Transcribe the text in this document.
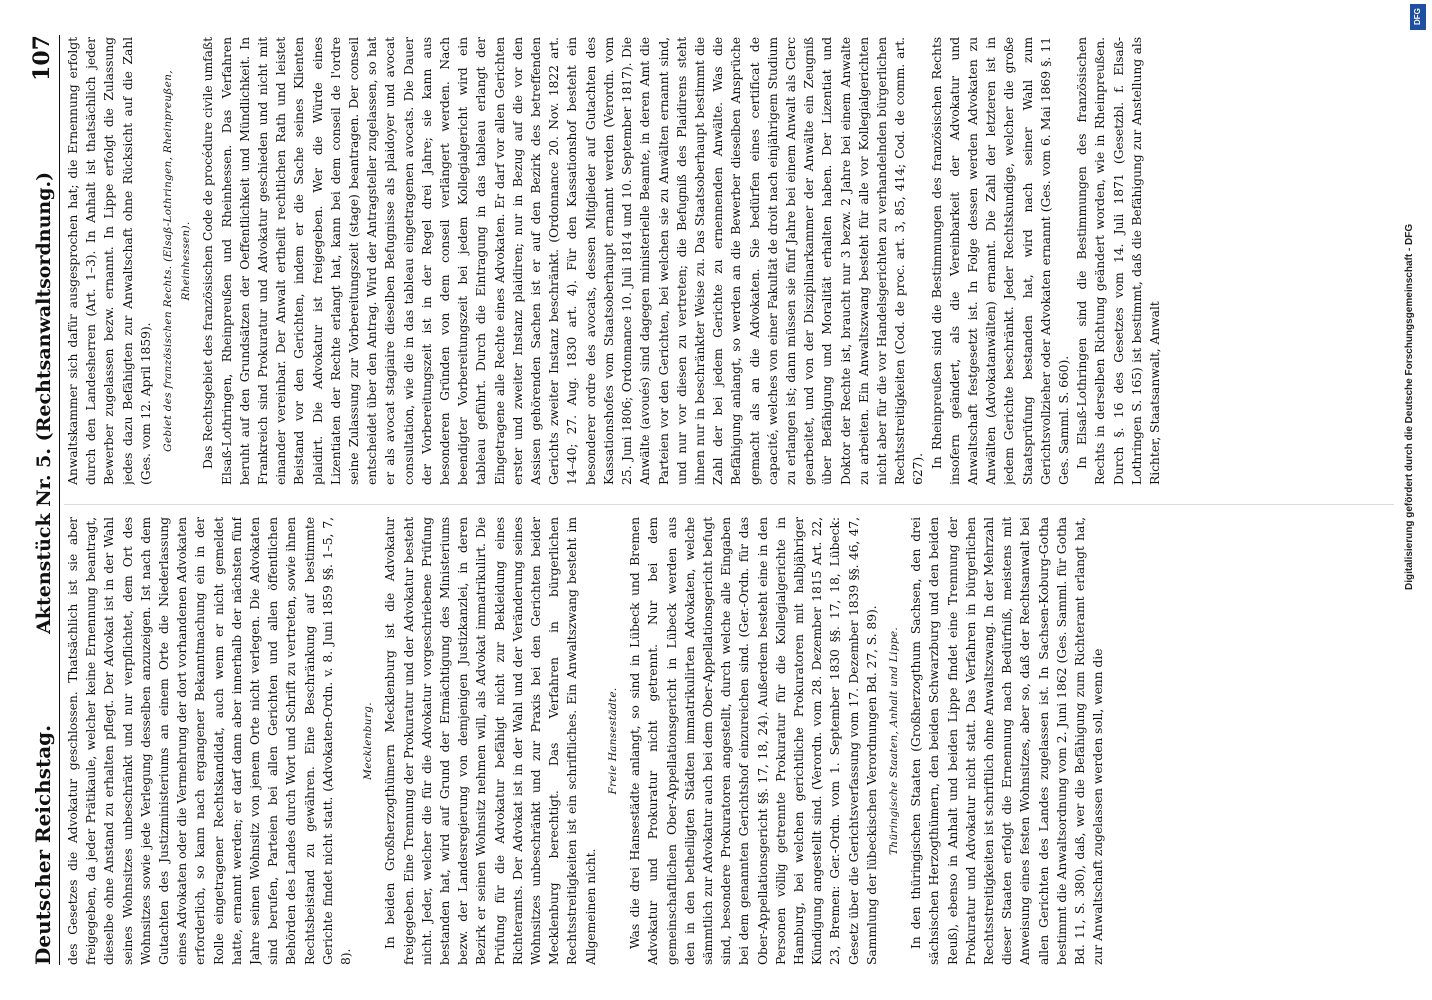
Deutscher Reichstag.
Aktenstück Nr. 5. (Rechtsanwaltsordnung.)
107

des Gesetzes die Advokatur geschlossen. Thatsächlich ist sie aber freigegeben, da jeder Prätikaule, welcher keine Ernennung beantragt, dieselbe ohne Anstand zu erhalten pflegt. Der Advokat ist in der Wahl seines Wohnsitzes unbeschränkt und nur verpflichtet, dem Ort des Wohnsitzes sowie jede Verlegung desselben anzuzeigen. Ist nach dem Gutachten des Justizministeriums an einem Orte die Niederlassung eines Advokaten oder die Vermehrung der dort vorhandenen Advokaten erforderlich, so kann nach ergangener Bekanntmachung ein in der Rolle eingetragener Rechtskandidat, auch wenn er nicht gemeldet hatte, ernannt werden; er darf dann aber innerhalb der nächsten fünf Jahre seinen Wohnsitz von jenem Orte nicht verlegen. Die Advokaten sind berufen, Parteien bei allen Gerichten und allen öffentlichen Behörden des Landes durch Wort und Schrift zu vertreten, sowie ihnen Rechtsbeistand zu gewähren. Eine Beschränkung auf bestimmte Gerichte findet nicht statt. (Advokaten-Ordn. v. 8. Juni 1859 §§. 1–5, 7, 8).

Mecklenburg. In beiden Großherzogthümern Mecklenburg ist die Advokatur freigegeben. Eine Trennung der Prokuratur und der Advokatur besteht nicht. Jeder, welcher die für die Advokatur vorgeschriebene Prüfung bestanden hat, wird auf Grund der Ermächtigung des Ministeriums bezw. der Landesregierung von demjenigen Justizkanzlei, in deren Bezirk er seinen Wohnsitz nehmen will, als Advokat immatrikulirt. Die Prüfung für die Advokatur befähigt nicht zur Bekleidung eines Richteramts. Der Advokat ist in der Wahl und der Veränderung seines Wohnsitzes unbeschränkt und zur Praxis bei den Gerichten beider Mecklenburg berechtigt. Das Verfahren in bürgerlichen Rechtsstreitigkeiten ist ein schriftliches. Ein Anwaltszwang besteht im Allgemeinen nicht.

Freie Hansestädte. Was die drei Hansestädte anlangt, so sind in Lübeck und Bremen Advokatur und Prokuratur nicht getrennt. Nur bei dem gemeinschaftlichen Ober-Appellationsgericht in Lübeck werden aus den in den betheiligten Städten immatrikulirten Advokaten, welche sämmtlich zur Advokatur auch bei dem Ober-Appellationsgericht befugt sind, besondere Prokuratoren angestellt, durch welche alle Eingaben bei dem genannten Gerichtshof einzureichen sind. (Ger.-Ordn. für das Ober-Appellationsgericht §§. 17, 18, 24). Außerdem besteht eine in den Personen völlig getrennte Prokuratur für die Kollegialgerichte in Hamburg, bei welchen gerichtliche Prokuratoren mit halbjähriger Kündigung angestellt sind. (Verordn. vom 28. Dezember 1815 Art. 22, 23, Bremen: Ger.-Ordn. vom 1. September 1830 §§. 17, 18, Lübeck: Gesetz über die Gerichtsverfassung vom 17. Dezember 1839 §§. 46, 47, Sammlung der lübeckischen Verordnungen Bd. 27, S. 89). Thüringische Staaten, Anhalt und Lippe. In den thüringischen Staaten (Großherzogthum Sachsen, den drei sächsischen Herzogthümern, den beiden Schwarzburg und den beiden Reuß), ebenso in Anhalt und beiden Lippe findet eine Trennung der Prokuratur und Advokatur nicht statt. Das Verfahren in bürgerlichen Rechtsstreitigkeiten ist schriftlich ohne Anwaltszwang. In der Mehrzahl dieser Staaten erfolgt die Ernennung nach Bedürfniß, meistens mit Anweisung eines festen Wohnsitzes, aber so, daß der Rechtsanwalt bei allen Gerichten des Landes zugelassen ist. In Sachsen-Koburg-Gotha bestimmt die Anwaltsordnung vom 2. Juni 1862 (Ges. Samml. für Gotha Bd. 11, S. 380), daß, wer die Befähigung zum Richteramt erlangt hat, zur Anwaltschaft zugelassen werden soll, wenn die

Anwaltskammer sich dafür ausgesprochen hat; die Ernennung erfolgt durch den Landesherren (Art. 1–3). In Anhalt ist thatsächlich jeder Bewerber zugelassen bezw. ernannt. In Lippe erfolgt die Zulassung jedes dazu Befähigten zur Anwaltschaft ohne Rücksicht auf die Zahl (Ges. vom 12. April 1859). Gebiet des französischen Rechts. (Elsaß-Lothringen, Rheinpreußen, Rheinhessen). Das Rechtsgebiet des französischen Code de procédure civile umfaßt Elsaß-Lothringen, Rheinpreußen und Rheinhessen. Das Verfahren beruht auf den Grundsätzen der Oeffentlichkeit und Mündlichkeit. In Frankreich sind Prokuratur und Advokatur geschieden und nicht mit einander vereinbar. Der Anwalt ertheilt rechtlichen Rath und leistet Beistand vor den Gerichten, indem er die Sache seines Klienten plaidirt. Die Advokatur ist freigegeben. Wer die Würde eines Lizentiaten der Rechte erlangt hat, kann bei dem conseil de l'ordre seine Zulassung zur Vorbereitungszeit (stage) beantragen. Der conseil entscheidet über den Antrag. Wird der Antragsteller zugelassen, so hat er als avocat stagiaire dieselben Befugnisse als plaidoyer und avocat consultation, wie die in das tableau eingetragenen avocats. Die Dauer der Vorbereitungszeit ist in der Regel drei Jahre; sie kann aus besonderen Gründen von dem conseil verlängert werden. Nach beendigter Vorbereitungszeit bei jedem Kollegialgericht wird ein tableau geführt. Durch die Eintragung in das tableau erlangt der Eingetragene alle Rechte eines Advokaten. Er darf vor allen Gerichten erster und zweiter Instanz plaidiren; nur in Bezug auf die vor den Assisen gehörenden Sachen ist er auf den Bezirk des betreffenden Gerichts zweiter Instanz beschränkt. (Ordonnance 20. Nov. 1822 art. 14–40; 27. Aug. 1830 art. 4). Für den Kassationshof besteht ein besonderer ordre des avocats, dessen Mitglieder auf Gutachten des Kassationshofes vom Staatsoberhaupt ernannt werden (Verordn. vom 25. Juni 1806; Ordonnance 10. Juli 1814 und 10. September 1817). Die Anwälte (avoués) sind dagegen ministerielle Beamte, in deren Amt die Parteien vor den Gerichten, bei welchen sie zu Anwälten ernannt sind, und nur vor diesen zu vertreten; die Befugniß des Plaidirens steht ihnen nur in beschränkter Weise zu. Das Staatsoberhaupt bestimmt die Zahl der bei jedem Gerichte zu ernennenden Anwälte. Was die Befähigung anlangt, so werden an die Bewerber dieselben Ansprüche gemacht als an die Advokaten. Sie bedürfen eines certificat de capacité, welches von einer Fakultät de droit nach einjährigem Studium zu erlangen ist; dann müssen sie fünf Jahre bei einem Anwalt als Clerc gearbeitet, und von der Disziplinarkammer der Anwälte ein Zeugniß über Befähigung und Moralität erhalten haben. Der Lizentiat und Doktor der Rechte ist, braucht nur 3 bezw. 2 Jahre bei einem Anwalte zu arbeiten. Ein Anwaltszwang besteht für alle vor Kollegialgerichten nicht aber für die vor Handelsgerichten zu verhandelnden bürgerlichen Rechtsstreitigkeiten (Cod. de proc. art. 3, 85, 414; Cod. de comm. art. 627).

In Rheinpreußen sind die Bestimmungen des französischen Rechts insofern geändert, als die Vereinbarkeit der Advokatur und Anwaltschaft festgesetzt ist. In Folge dessen werden Advokaten zu Anwälten (Advokatanwälten) ernannt. Die Zahl der letzteren ist in jedem Gerichte beschränkt. Jeder Rechtskundige, welcher die große Staatsprüfung bestanden hat, wird nach seiner Wahl zum Gerichtsvollzieher oder Advokaten ernannt (Ges. vom 6. Mai 1869 §. 11 Ges. Samml. S. 660). In Elsaß-Lothringen sind die Bestimmungen des französischen Rechts in derselben Richtung geändert worden, wie in Rheinpreußen. Durch §. 16 des Gesetzes vom 14. Juli 1871 (Gesetzbl. f. Elsaß-Lothringen S. 165) ist bestimmt, daß die Befähigung zur Anstellung als Richter, Staatsanwalt, Anwalt

DFG
Digitalisierung gefördert durch die Deutsche Forschungsgemeinschaft - DFG
